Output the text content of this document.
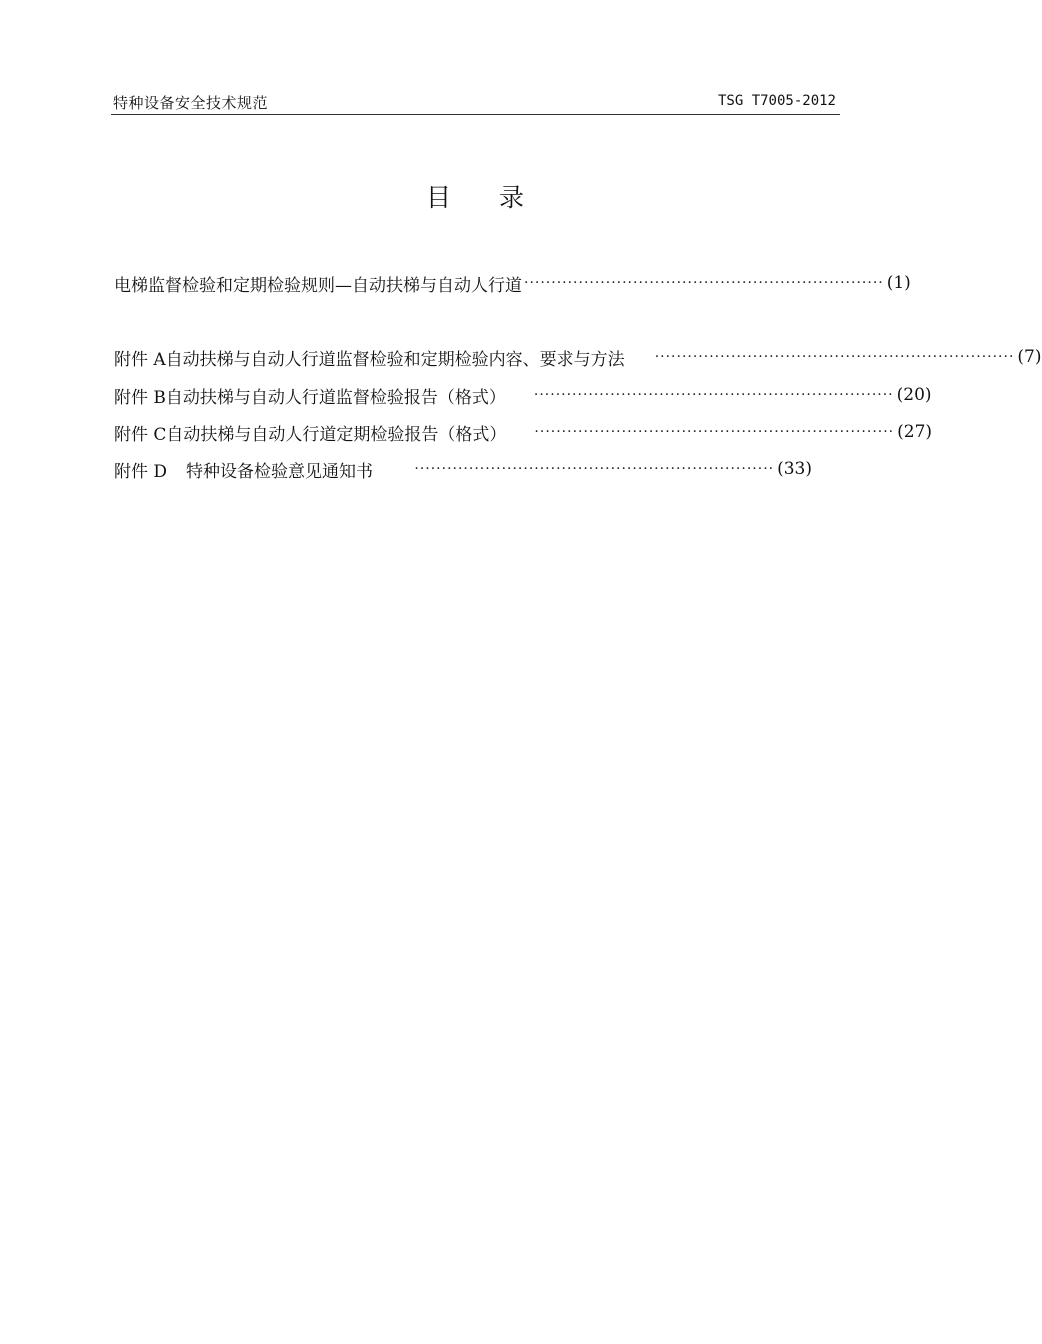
特种设备安全技术规范	TSG T7005-2012
目录
电梯监督检验和定期检验规则—自动扶梯与自动人行道 ·································································· (1)
附件 A 自动扶梯与自动人行道监督检验和定期检验内容、要求与方法 ·································································· (7)
附件 B 自动扶梯与自动人行道监督检验报告（格式） ·································································· (20)
附件 C 自动扶梯与自动人行道定期检验报告（格式） ·································································· (27)
附件 D	特种设备检验意见通知书	·································································· (33)
